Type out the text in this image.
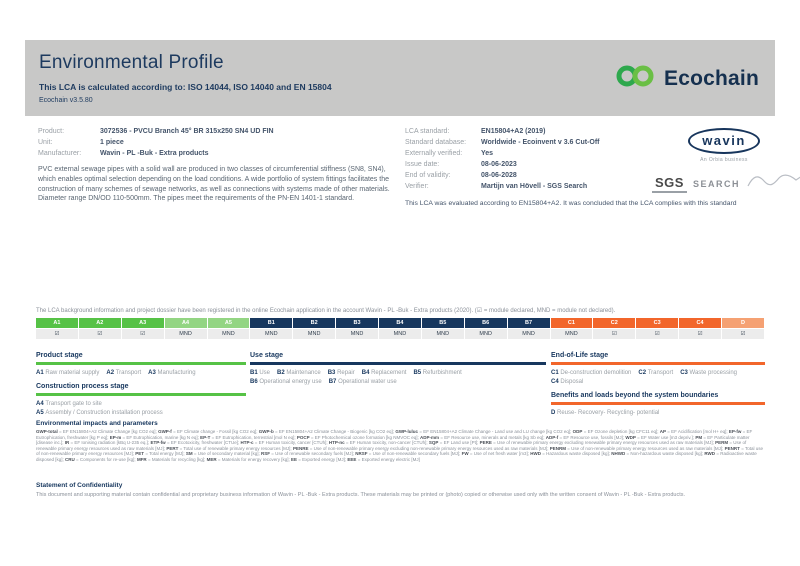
Environmental Profile
This LCA is calculated according to: ISO 14044, ISO 14040 and EN 15804
Ecochain v3.5.80
Ecochain
Product:	3072536 - PVCU Branch 45° BR 315x250 SN4 UD FIN
Unit:	1 piece
Manufacturer:	Wavin - PL -Buk - Extra products
PVC external sewage pipes with a solid wall are produced in two classes of circumferential stiffness (SN8, SN4), which enables optimal selection depending on the load conditions. A wide portfolio of system fittings facilitates the construction of many schemes of sewage networks, as well as connections with systems made of other materials. Diameter range DN/OD 110-500mm. The pipes meet the requirements of the PN-EN 1401-1 standard.
LCA standard:	EN15804+A2 (2019)
Standard database:	Worldwide - Ecoinvent v 3.6 Cut-Off
Externally verified:	Yes
Issue date:	08-06-2023
End of validity:	08-06-2028
Verifier:	Martijn van Hövell - SGS Search
This LCA was evaluated according to EN15804+A2. It was concluded that the LCA complies with this standard
wavin
An Orbia business
SGS	SEARCH
The LCA background information and project dossier have been registered in the online Ecochain application in the account Wavin - PL -Buk - Extra products (2020). (☑ = module declared, MND = module not declared).
A1	A2	A3	A4	A5	B1	B2	B3	B4	B5	B6	B7	C1	C2	C3	C4	D
☑	☑	☑	MND	MND	MND	MND	MND	MND	MND	MND	MND	MND	☑	☑	☑	☑
Product stage
A1 Raw material supply A2 Transport A3 Manufacturing
Construction process stage
A4 Transport gate to site
A5 Assembly / Construction installation process
Use stage
B1 Use B2 Maintenance B3 Repair B4 Replacement B5 Refurbishment
B6 Operational energy use B7 Operational water use
End-of-Life stage
C1 De-construction demolition C2 Transport C3 Waste processing
C4 Disposal
Benefits and loads beyond the system boundaries
D Reuse- Recovery- Recycling- potential
Environmental impacts and parameters
GWP-total = EF EN15804+A2 Climate Change [kg CO2 eq]; GWP-f = EF Climate change - Fossil [kg CO2 eq]; GWP-b = EF EN15804+A2 Climate Change - Biogenic [kg CO2 eq]; GWP-luluc = EF EN15804+A2 Climate Change - Land use and LU change [kg CO2 eq]; ODP = EF Ozone depletion [kg CFC11 eq]; AP = EF Acidification [mol H+ eq]; EP-fw = EF Eutrophication, freshwater [kg P eq]; EP-m = EF Eutrophication, marine [kg N eq]; EP-T = EF Eutrophication, terrestrial [mol N eq]; POCP = EF Photochemical ozone formation [kg NMVOC eq]; ADP-mm = EF Resource use, minerals and metals [kg Sb eq]; ADP-f = EF Resource use, fossils [MJ]; WDP = EF Water use [m3 depriv.]; PM = EF Particulate matter [disease inc.]; IR = EF Ionising radiation [kBq U-235 eq.]; ETP-fw = EF Ecotoxicity, freshwater [CTUe]; HTP-c = EF Human toxicity, cancer [CTUh]; HTP-nc = EF Human toxicity, non-cancer [CTUh]; SQP = EF Land use [Pt]; PERE = Use of renewable primary energy excluding renewable primary energy resources used as raw materials [MJ]; PERM = Use of renewable primary energy resources used as raw materials [MJ]; PERT = Total use of renewable primary energy resources [MJ]; PENRE = Use of non-renewable primary energy excluding non-renewable primary energy resources used as raw materials [MJ]; PENRM = Use of non-renewable primary energy resources used as raw materials [MJ]; PENRT = Total use of non-renewable primary energy resources [MJ]; PET = Total energy [MJ]; SM = Use of secondary material [kg]; RSF = Use of renewable secondary fuels [MJ]; NRSF = Use of non-renewable secondary fuels [MJ]; FW = Use of net fresh water [m3]; HWD = Hazardous waste disposed [kg]; NHWD = Non-hazardous waste disposed [kg]; RWD = Radioactive waste disposed [kg]; CRU = Components for re-use [kg]; MFR = Materials for recycling [kg]; MER = Materials for energy recovery [kg]; EE = Exported energy [MJ]; EEE = Exported energy electric [MJ]
Statement of Confidentiality
This document and supporting material contain confidential and proprietary business information of Wavin - PL -Buk - Extra products. These materials may be printed or (photo) copied or otherwise used only with the written consent of Wavin - PL -Buk - Extra products.
